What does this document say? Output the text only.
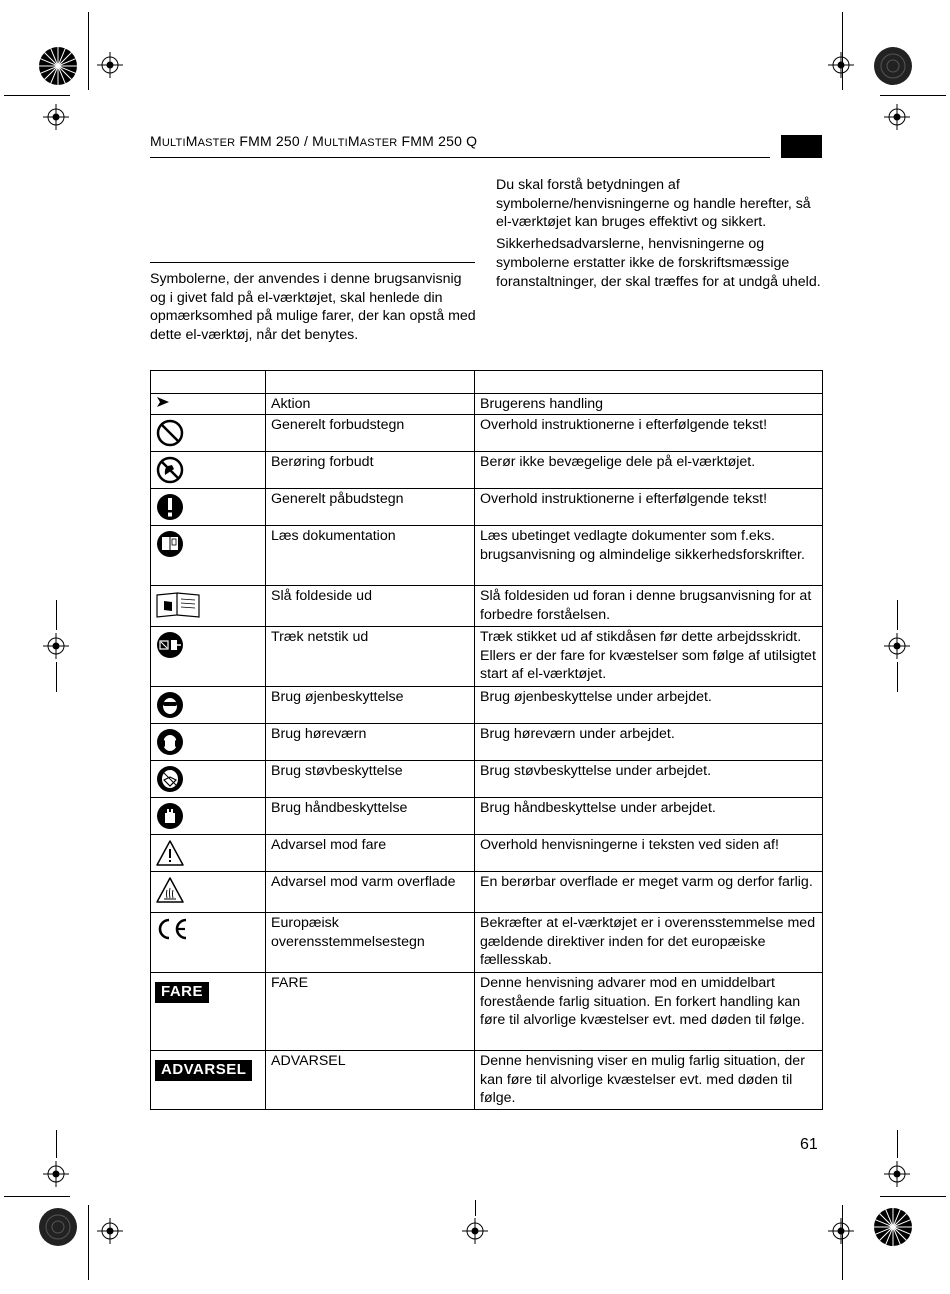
MULTIMASTER FMM 250 / MULTIMASTER FMM 250 Q

Symbolerne, der anvendes i denne brugsanvisnig og i givet fald på el-værktøjet, skal henlede din opmærksomhed på mulige farer, der kan opstå med dette el-værktøj, når det benytes.

Du skal forstå betydningen af symbolerne/henvisningerne og handle herefter, så el-værktøjet kan bruges effektivt og sikkert.

Sikkerhedsadvarslerne, henvisningerne og symbolerne erstatter ikke de forskriftsmæssige foranstaltninger, der skal træffes for at undgå uheld.

	Aktion	Brugerens handling

	Generelt forbudstegn	Overhold instruktionerne i efterfølgende tekst!

	Berøring forbudt	Berør ikke bevægelige dele på el-værktøjet.

	Generelt påbudstegn	Overhold instruktionerne i efterfølgende tekst!

	Læs dokumentation	Læs ubetinget vedlagte dokumenter som f.eks. brugsanvisning og almindelige sikkerhedsforskrifter.

	Slå foldeside ud	Slå foldesiden ud foran i denne brugsanvisning for at forbedre forståelsen.

	Træk netstik ud	Træk stikket ud af stikdåsen før dette arbejdsskridt. Ellers er der fare for kvæstelser som følge af utilsigtet start af el-værktøjet.

	Brug øjenbeskyttelse	Brug øjenbeskyttelse under arbejdet.

	Brug høreværn	Brug høreværn under arbejdet.

	Brug støvbeskyttelse	Brug støvbeskyttelse under arbejdet.

	Brug håndbeskyttelse	Brug håndbeskyttelse under arbejdet.

	Advarsel mod fare	Overhold henvisningerne i teksten ved siden af!

	Advarsel mod varm overflade	En berørbar overflade er meget varm og derfor farlig.

	Europæisk overensstemmelsestegn	Bekræfter at el-værktøjet er i overensstemmelse med gældende direktiver inden for det europæiske fællesskab.
FARE	FARE	Denne henvisning advarer mod en umiddelbart forestående farlig situation. En forkert handling kan føre til alvorlige kvæstelser evt. med døden til følge.
ADVARSEL	ADVARSEL	Denne henvisning viser en mulig farlig situation, der kan føre til alvorlige kvæstelser evt. med døden til følge.
61
